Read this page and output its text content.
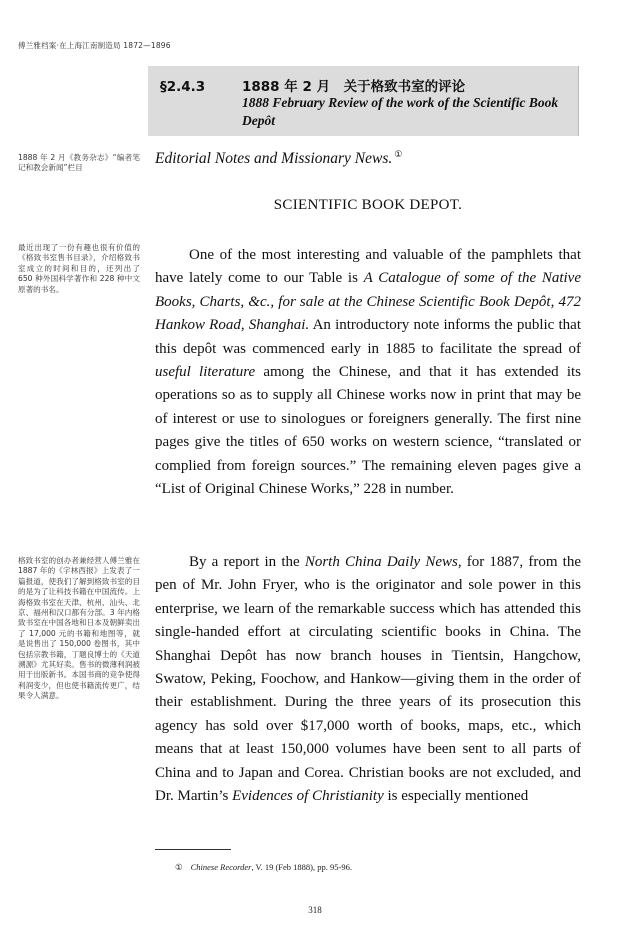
傅兰雅档案·在上海江南制造局 1872—1896
§2.4.3	1888 年 2 月　关于格致书室的评论
1888 February Review of the work of the Scientific Book Depôt
1888 年 2 月《教务杂志》“编者笔记和教会新闻”栏目
最近出现了一份有趣也很有价值的《格致书室售书目录》，介绍格致书室成立的时间和目的，还列出了 650 种外国科学著作和 228 种中文原著的书名。
格致书室的创办者兼经营人傅兰雅在 1887 年的《字林西报》上发表了一篇报道，使我们了解到格致书室的目的是为了让科技书籍在中国流传。上海格致书室在天津、杭州、汕头、北京、福州和汉口都有分部。3 年内格致书室在中国各地和日本及朝鲜卖出了 17,000 元的书籍和地图等，就是说售出了 150,000 卷图书，其中包括宗教书籍，丁题良博士的《天道溯源》尤其好卖。售书的微薄利润被用于出版新书。本国书商的竞争使得利润变少，但也使书籍流传更广，结果令人满意。
Editorial Notes and Missionary News. ①
SCIENTIFIC BOOK DEPOT.
One of the most interesting and valuable of the pamphlets that have lately come to our Table is A Catalogue of some of the Native Books, Charts, &c., for sale at the Chinese Scientific Book Depôt, 472 Hankow Road, Shanghai. An introductory note informs the public that this depôt was commenced early in 1885 to facilitate the spread of useful literature among the Chinese, and that it has extended its operations so as to supply all Chinese works now in print that may be of interest or use to sinologues or foreigners generally. The first nine pages give the titles of 650 works on western science, “translated or complied from foreign sources.” The remaining eleven pages give a “List of Original Chinese Works,” 228 in number.
By a report in the North China Daily News, for 1887, from the pen of Mr. John Fryer, who is the originator and sole power in this enterprise, we learn of the remarkable success which has attended this single-handed effort at circulating scientific books in China. The Shanghai Depôt has now branch houses in Tientsin, Hangchow, Swatow, Peking, Foochow, and Hankow—giving them in the order of their establishment. During the three years of its prosecution this agency has sold over $17,000 worth of books, maps, etc., which means that at least 150,000 volumes have been sent to all parts of China and to Japan and Corea. Christian books are not excluded, and Dr. Martin’s Evidences of Christianity is especially mentioned
① Chinese Recorder, V. 19 (Feb 1888), pp. 95-96.
318
